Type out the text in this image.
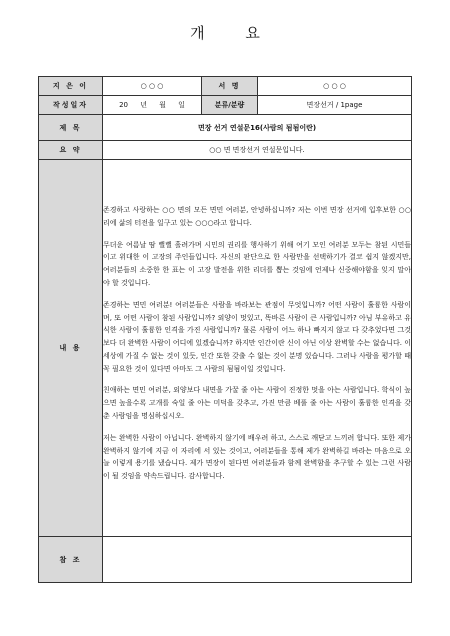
개 요
지 은 이	○ ○ ○	서 명	○ ○ ○
작성일자	20 년 월 일	분류/분량	면장선거 / 1page
제 목	면장 선거 연설문16(사람의 됨됨이란)		
요 약	○○ 면 면장선거 연설문입니다.		
내 용	존경하고 사랑하는 ○○ 면의 모든 면민 여러분, 안녕하십니까? 저는 이번 면장 선거에 입후보한 ○○ 리에 삶의 터전을 일구고 있는 ○○○라고 합니다.

무더운 여름날 땀 뻘뻘 흘려가며 시민의 권리를 행사하기 위해 여기 모인 여러분 모두는 참된 시민들이고 위대한 이 고장의 주인들입니다. 자신의 판단으로 한 사람만을 선택하기가 결코 쉽지 않겠지만, 여러분들의 소중한 한 표는 이 고장 발전을 위한 리더를 뽑는 것임에 언제나 신중해야함을 잊지 말아야 할 것입니다.

존경하는 면민 여러분! 여러분들은 사람을 바라보는 관점이 무엇입니까? 어떤 사람이 훌륭한 사람이며, 또 어떤 사람이 참된 사람입니까? 외양이 멋있고, 똑바른 사람이 큰 사람입니까? 아님 부유하고 유식한 사람이 훌륭한 인격을 가진 사람입니까? 물론 사람이 어느 하나 빠지지 않고 다 갖추었다면 그것보다 더 완벽한 사람이 어디에 있겠습니까? 하지만 인간이란 신이 아닌 이상 완벽할 수는 없습니다. 이 세상에 가질 수 없는 것이 있듯, 인간 또한 갖출 수 없는 것이 분명 있습니다. 그러나 사람을 평가할 때 꼭 필요한 것이 있다면 아마도 그 사람의 됨됨이일 것입니다.

친애하는 면민 여러분, 외양보다 내면을 가꿀 줄 아는 사람이 진정한 멋을 아는 사람입니다. 학식이 높으면 높을수록 고개를 숙일 줄 아는 미덕을 갖추고, 가진 만큼 베풀 줄 아는 사람이 훌륭한 인격을 갖춘 사람임을 명심하십시오.

저는 완벽한 사람이 아닙니다. 완벽하지 않기에 배우려 하고, 스스로 깨닫고 느끼려 합니다. 또한 제가 완벽하지 않기에 지금 이 자리에 서 있는 것이고, 여러분들을 통해 제가 완벽하길 바라는 마음으로 오늘 이렇게 용기를 냈습니다. 제가 면장이 된다면 여러분들과 함께 완벽함을 추구할 수 있는 그런 사람이 될 것임을 약속드립니다. 감사합니다.		

참 조			
